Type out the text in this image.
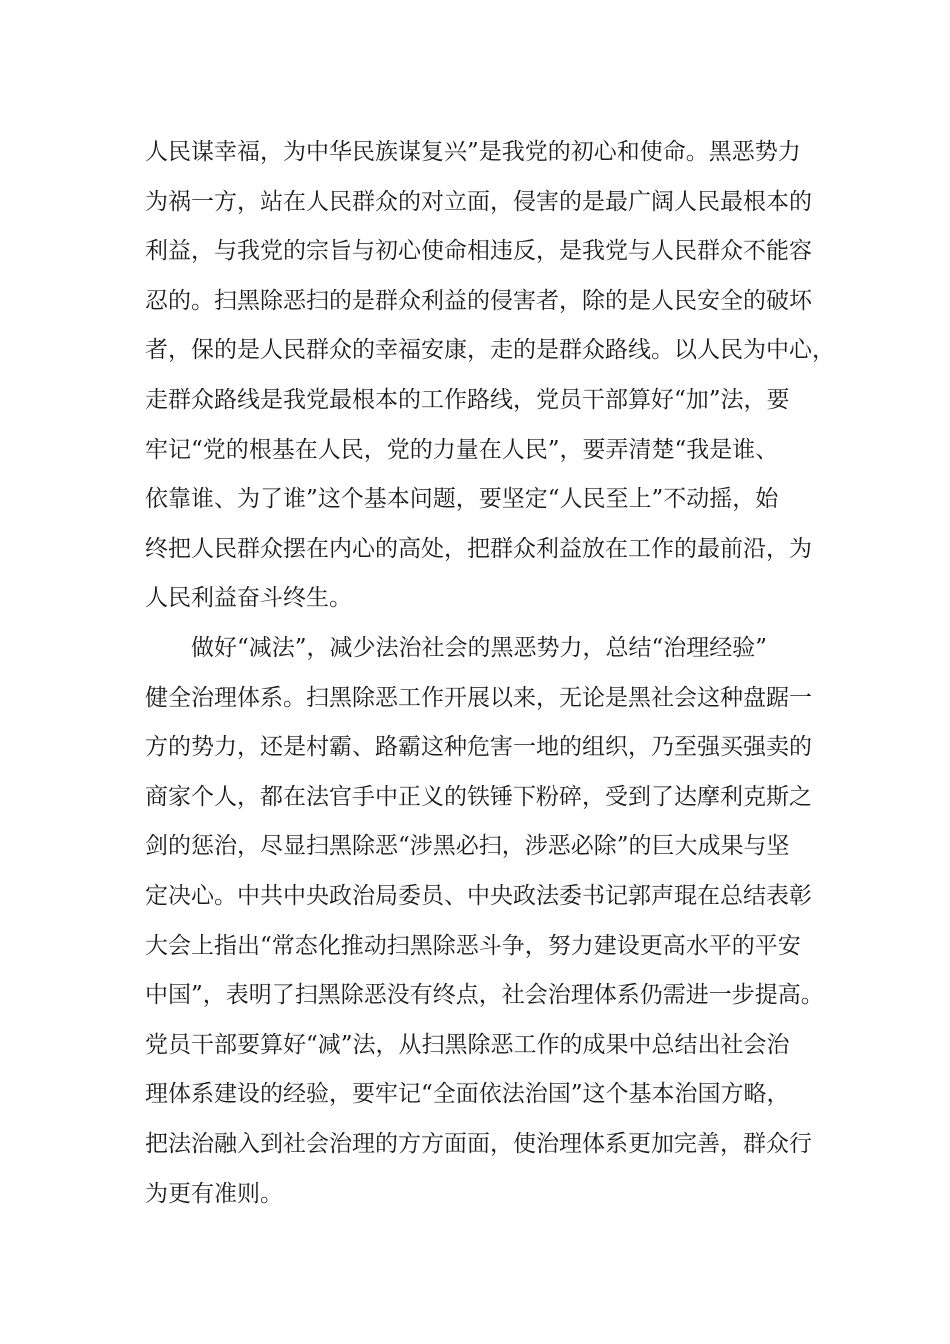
人民谋幸福，为中华民族谋复兴”是我党的初心和使命。黑恶势力
为祸一方，站在人民群众的对立面，侵害的是最广阔人民最根本的
利益，与我党的宗旨与初心使命相违反，是我党与人民群众不能容
忍的。扫黑除恶扫的是群众利益的侵害者，除的是人民安全的破坏
者，保的是人民群众的幸福安康，走的是群众路线。以人民为中心，
走群众路线是我党最根本的工作路线，党员干部算好“加”法，要
牢记“党的根基在人民，党的力量在人民”，要弄清楚“我是谁、
依靠谁、为了谁”这个基本问题，要坚定“人民至上”不动摇，始
终把人民群众摆在内心的高处，把群众利益放在工作的最前沿，为
人民利益奋斗终生。
做好“减法”，减少法治社会的黑恶势力，总结“治理经验”
健全治理体系。扫黑除恶工作开展以来，无论是黑社会这种盘踞一
方的势力，还是村霸、路霸这种危害一地的组织，乃至强买强卖的
商家个人，都在法官手中正义的铁锤下粉碎，受到了达摩利克斯之
剑的惩治，尽显扫黑除恶“涉黑必扫，涉恶必除”的巨大成果与坚
定决心。中共中央政治局委员、中央政法委书记郭声琨在总结表彰
大会上指出“常态化推动扫黑除恶斗争，努力建设更高水平的平安
中国”，表明了扫黑除恶没有终点，社会治理体系仍需进一步提高。
党员干部要算好“减”法，从扫黑除恶工作的成果中总结出社会治
理体系建设的经验，要牢记“全面依法治国”这个基本治国方略，
把法治融入到社会治理的方方面面，使治理体系更加完善，群众行
为更有准则。
